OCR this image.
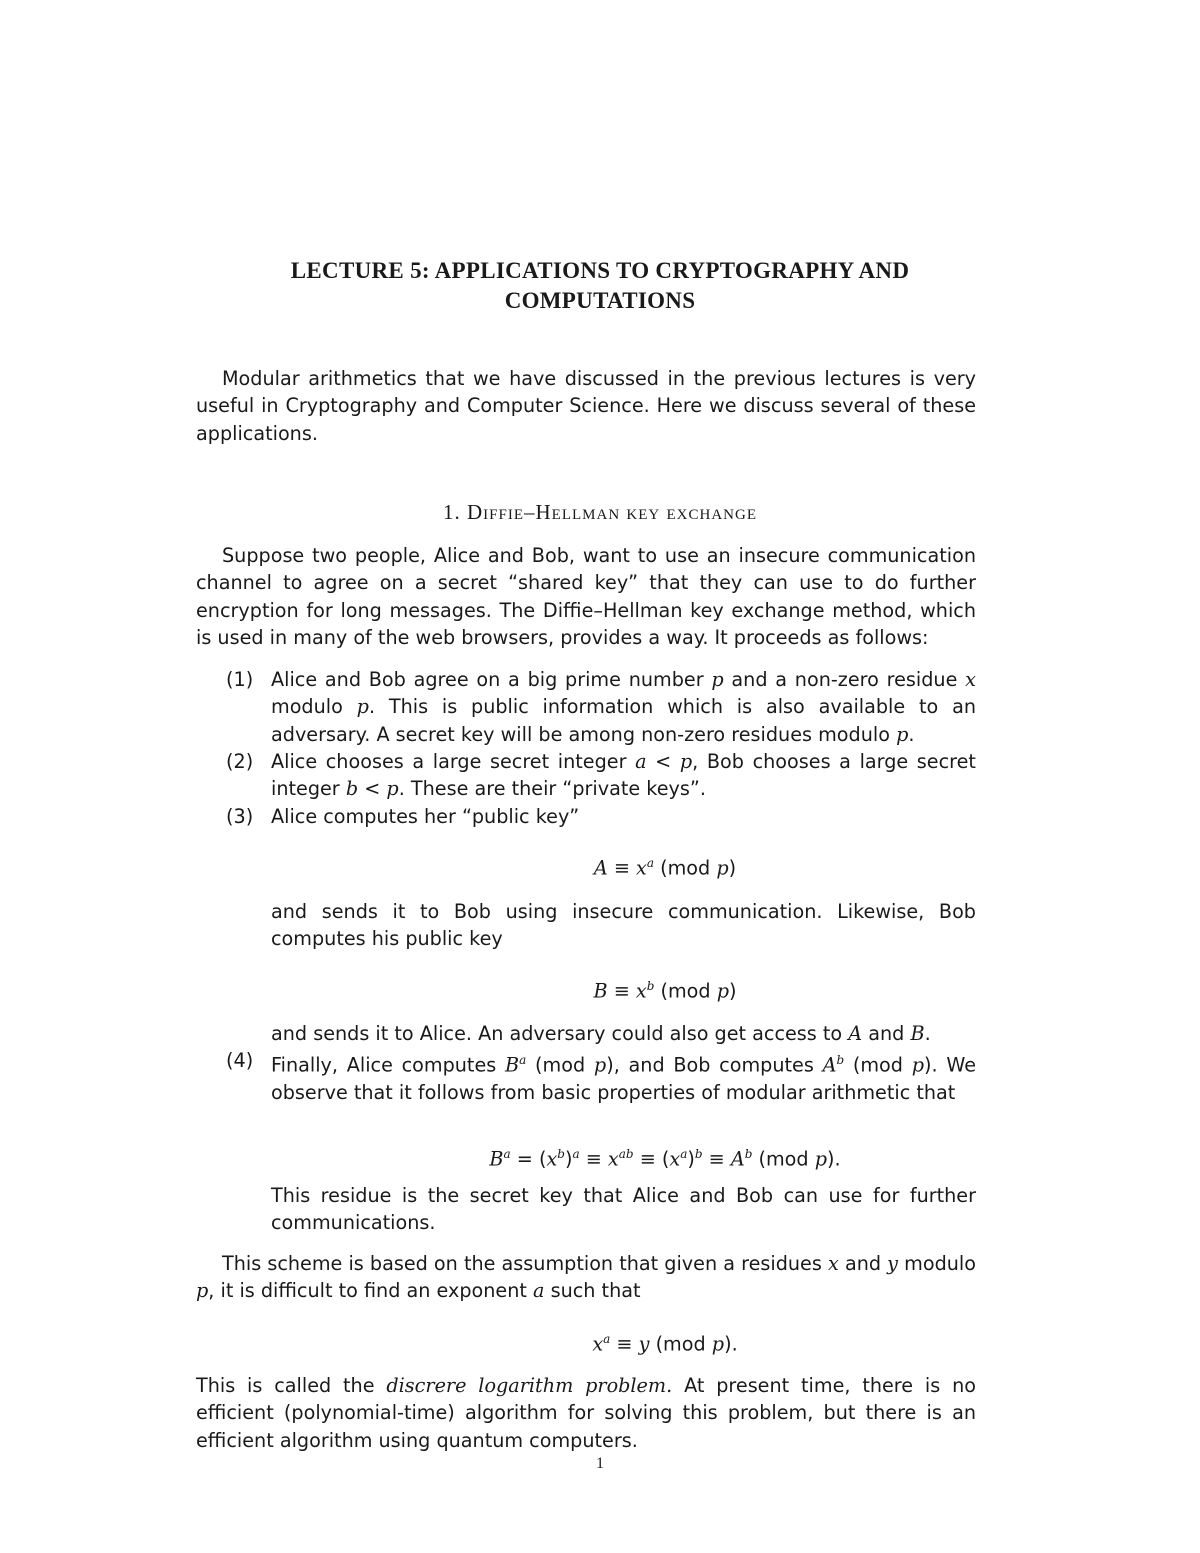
LECTURE 5: APPLICATIONS TO CRYPTOGRAPHY AND
COMPUTATIONS
Modular arithmetics that we have discussed in the previous lectures is very useful in Cryptography and Computer Science. Here we discuss several of these applications.
1. Diffie–Hellman key exchange
Suppose two people, Alice and Bob, want to use an insecure communication channel to agree on a secret “shared key” that they can use to do further encryption for long messages. The Diffie–Hellman key exchange method, which is used in many of the web browsers, provides a way. It proceeds as follows:
(1) Alice and Bob agree on a big prime number p and a non-zero residue x modulo p. This is public information which is also available to an adversary. A secret key will be among non-zero residues modulo p.
(2) Alice chooses a large secret integer a < p, Bob chooses a large secret integer b < p. These are their “private keys”.
(3) Alice computes her “public key”
$A \equiv x^a$ (mod p)
and sends it to Bob using insecure communication. Likewise, Bob computes his public key
$B \equiv x^b$ (mod p)
and sends it to Alice. An adversary could also get access to A and B.
(4) Finally, Alice computes $B^a$ (mod p), and Bob computes $A^b$ (mod p). We observe that it follows from basic properties of modular arithmetic that
$B^a = (x^b)^a \equiv x^{ab} \equiv (x^a)^b \equiv A^b$ (mod p).
This residue is the secret key that Alice and Bob can use for further communications.
This scheme is based on the assumption that given a residues x and y modulo p, it is difficult to find an exponent a such that
$x^a \equiv y$ (mod p).
This is called the discrere logarithm problem. At present time, there is no efficient (polynomial-time) algorithm for solving this problem, but there is an efficient algorithm using quantum computers.
1
